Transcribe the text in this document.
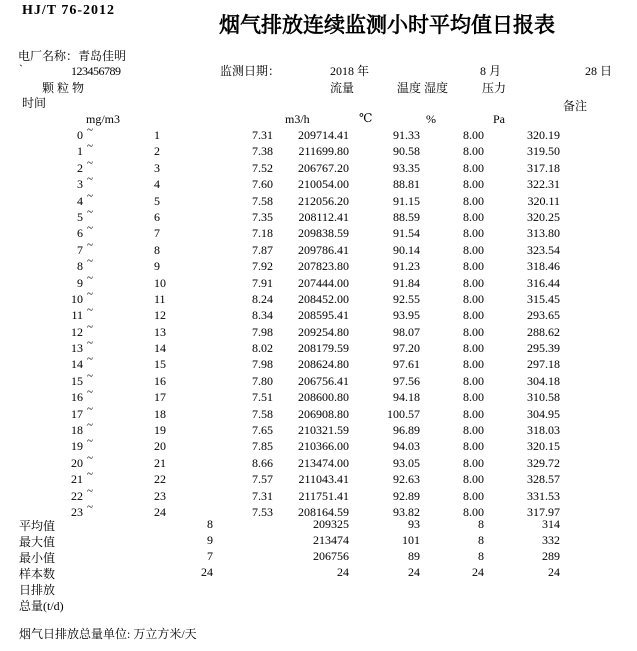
HJ/T 76-2012
烟气排放连续监测小时平均值日报表
电厂名称：青岛佳明
`	123456789	监测日期：	2018 年	8 月	28 日
颗粒物	流量	温度 湿度	压力
时间	备注
mg/m3	m3/h	℃	%	Pa
0 ~	1	7.31	209714.41	91.33	8.00	320.19
1 ~	2	7.38	211699.80	90.58	8.00	319.50
2 ~	3	7.52	206767.20	93.35	8.00	317.18
3 ~	4	7.60	210054.00	88.81	8.00	322.31
4 ~	5	7.58	212056.20	91.15	8.00	320.11
5 ~	6	7.35	208112.41	88.59	8.00	320.25
6 ~	7	7.18	209838.59	91.54	8.00	313.80
7 ~	8	7.87	209786.41	90.14	8.00	323.54
8 ~	9	7.92	207823.80	91.23	8.00	318.46
9 ~	10	7.91	207444.00	91.84	8.00	316.44
10 ~	11	8.24	208452.00	92.55	8.00	315.45
11 ~	12	8.34	208595.41	93.95	8.00	293.65
12 ~	13	7.98	209254.80	98.07	8.00	288.62
13 ~	14	8.02	208179.59	97.20	8.00	295.39
14 ~	15	7.98	208624.80	97.61	8.00	297.18
15 ~	16	7.80	206756.41	97.56	8.00	304.18
16 ~	17	7.51	208600.80	94.18	8.00	310.58
17 ~	18	7.58	206908.80	100.57	8.00	304.95
18 ~	19	7.65	210321.59	96.89	8.00	318.03
19 ~	20	7.85	210366.00	94.03	8.00	320.15
20 ~	21	8.66	213474.00	93.05	8.00	329.72
21 ~	22	7.57	211043.41	92.63	8.00	328.57
22 ~	23	7.31	211751.41	92.89	8.00	331.53
23 ~	24	7.53	208164.59	93.82	8.00	317.97
平均值	8	209325	93	8	314
最大值	9	213474	101	8	332
最小值	7	206756	89	8	289
样本数	24	24	24	24	24
日排放
总量(t/d)
烟气日排放总量单位: 万立方米/天
